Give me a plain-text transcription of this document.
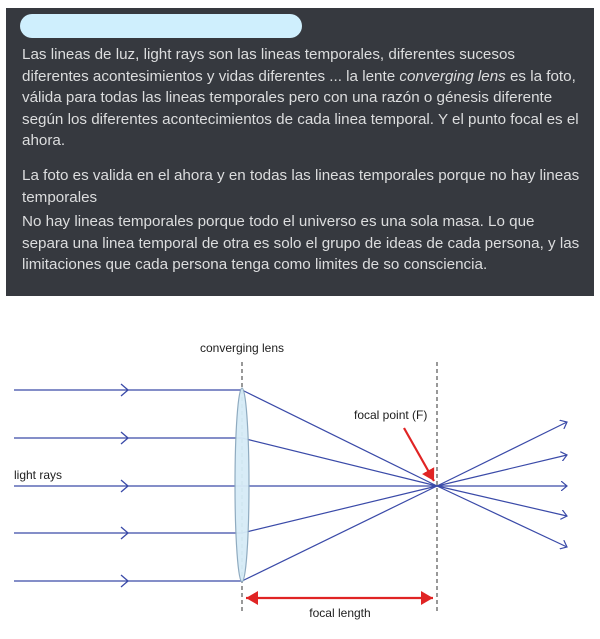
Las lineas de luz, light rays son las lineas temporales, diferentes sucesos diferentes acontesimientos y vidas diferentes ... la lente converging lens es la foto, válida para todas las lineas temporales pero con una razón o génesis diferente según los diferentes acontecimientos de cada linea temporal. Y el punto focal es el ahora.

La foto es valida en el ahora y en todas las lineas temporales porque no hay lineas temporales

No hay lineas temporales porque todo el universo es una sola masa. Lo que separa una linea temporal de otra es solo el grupo de ideas de cada persona, y las limitaciones que cada persona tenga como limites de so consciencia.

converging lens
light rays
focal point (F)
focal length
